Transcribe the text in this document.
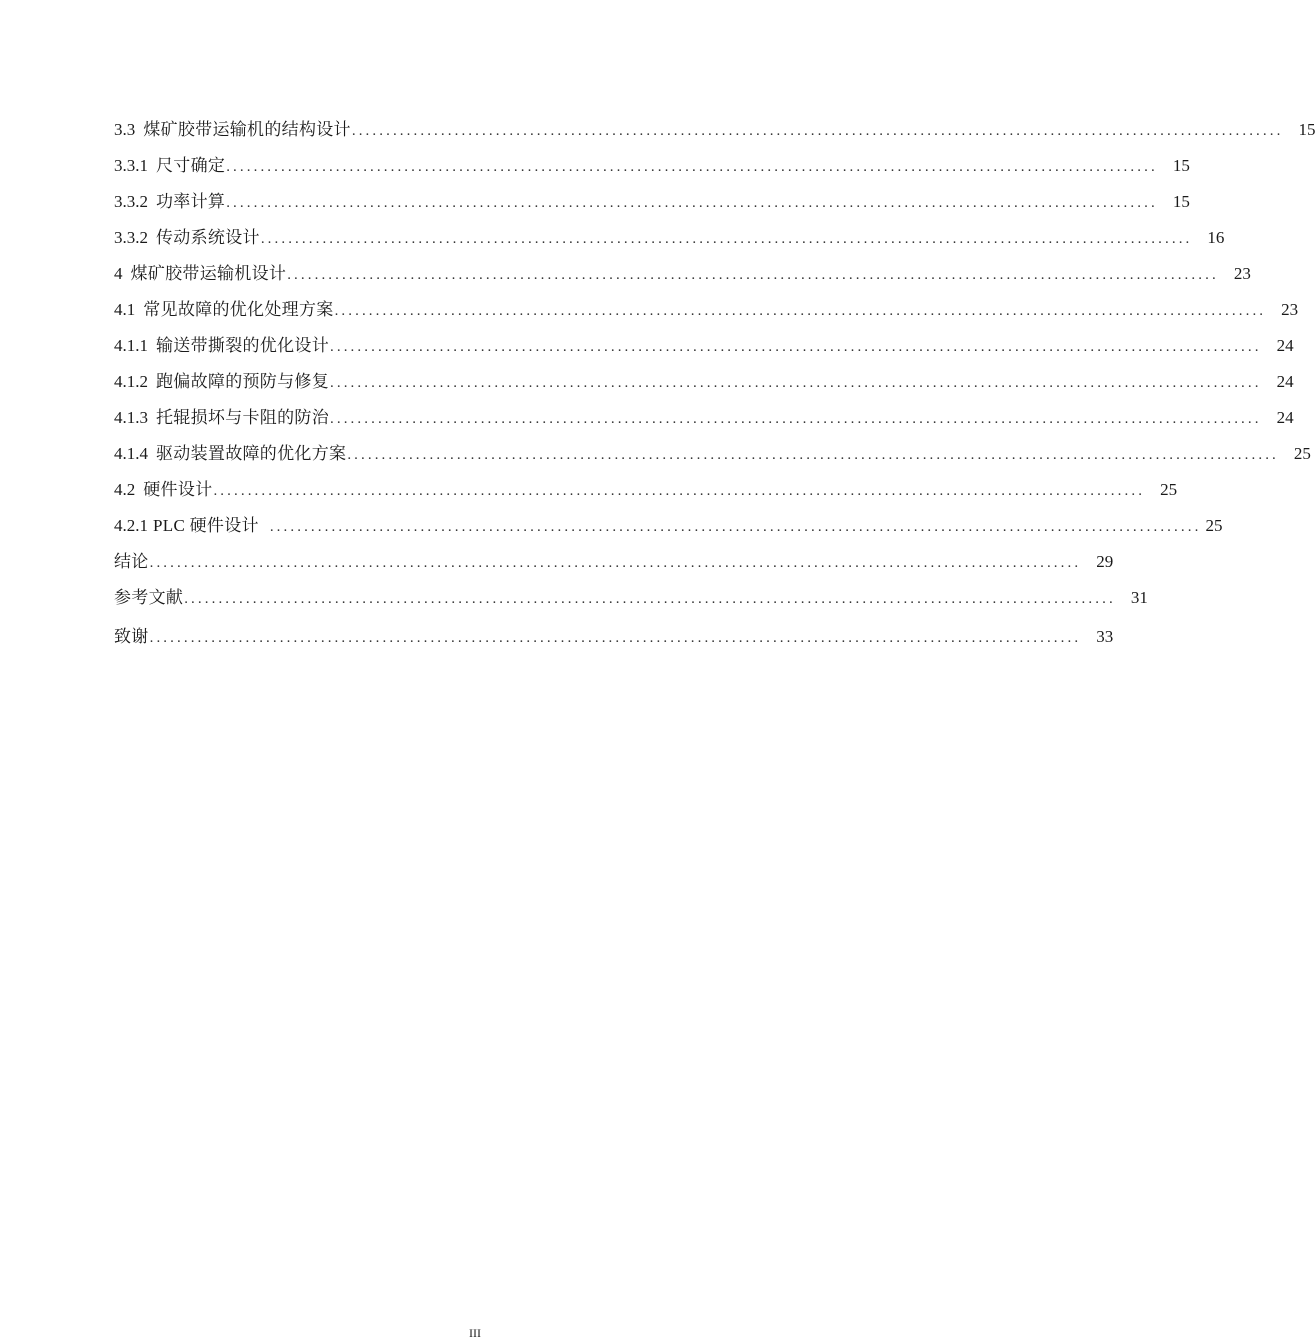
3.3 煤矿胶带运输机的结构设计 ........................................................................................................................................ 15
3.3.1 尺寸确定 ........................................................................................................................................ 15
3.3.2 功率计算 ........................................................................................................................................ 15
3.3.2 传动系统设计 ........................................................................................................................................ 16
4 煤矿胶带运输机设计 ........................................................................................................................................ 23
4.1 常见故障的优化处理方案 ........................................................................................................................................ 23
4.1.1 输送带撕裂的优化设计 ........................................................................................................................................ 24
4.1.2 跑偏故障的预防与修复 ........................................................................................................................................ 24
4.1.3 托辊损坏与卡阻的防治 ........................................................................................................................................ 24
4.1.4 驱动装置故障的优化方案 ........................................................................................................................................ 25
4.2 硬件设计 ........................................................................................................................................ 25
4.2.1 PLC 硬件设计 ........................................................................................................................................ 25
结论 ........................................................................................................................................ 29
参考文献 ........................................................................................................................................ 31
致谢 ........................................................................................................................................ 33
III
